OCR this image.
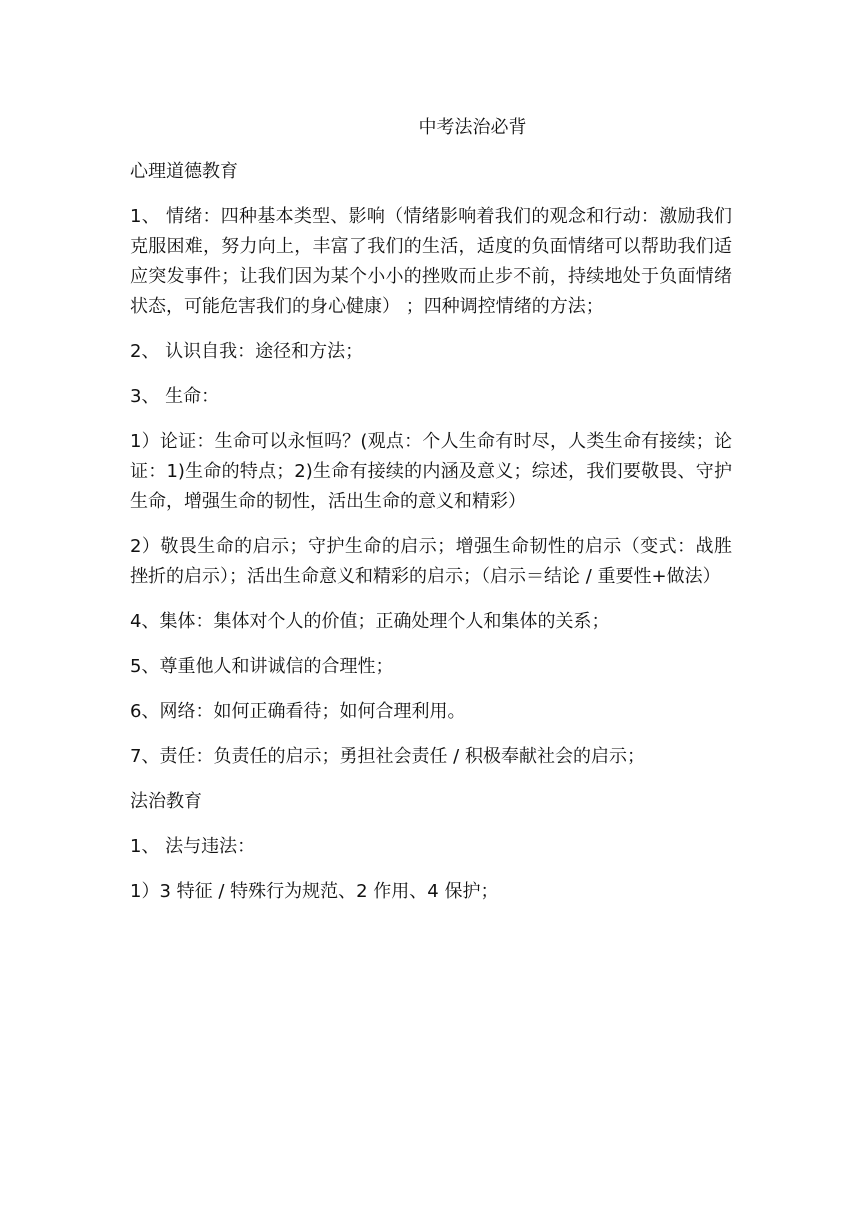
中考法治必背
心理道德教育
1、 情绪：四种基本类型、影响（情绪影响着我们的观念和行动：激励我们克服困难，努力向上，丰富了我们的生活，适度的负面情绪可以帮助我们适应突发事件；让我们因为某个小小的挫败而止步不前，持续地处于负面情绪状态，可能危害我们的身心健康） ；四种调控情绪的方法；
2、 认识自我：途径和方法；
3、 生命：
1）论证：生命可以永恒吗？(观点：个人生命有时尽，人类生命有接续；论证：1)生命的特点；2)生命有接续的内涵及意义；综述，我们要敬畏、守护生命，增强生命的韧性，活出生命的意义和精彩）
2）敬畏生命的启示；守护生命的启示；增强生命韧性的启示（变式：战胜挫折的启示）；活出生命意义和精彩的启示；（启示＝结论 / 重要性+做法）
4、集体：集体对个人的价值；正确处理个人和集体的关系；
5、尊重他人和讲诚信的合理性；
6、网络：如何正确看待；如何合理利用。
7、责任：负责任的启示；勇担社会责任 / 积极奉献社会的启示；
法治教育
1、 法与违法：
1）3 特征 / 特殊行为规范、2 作用、4 保护；
